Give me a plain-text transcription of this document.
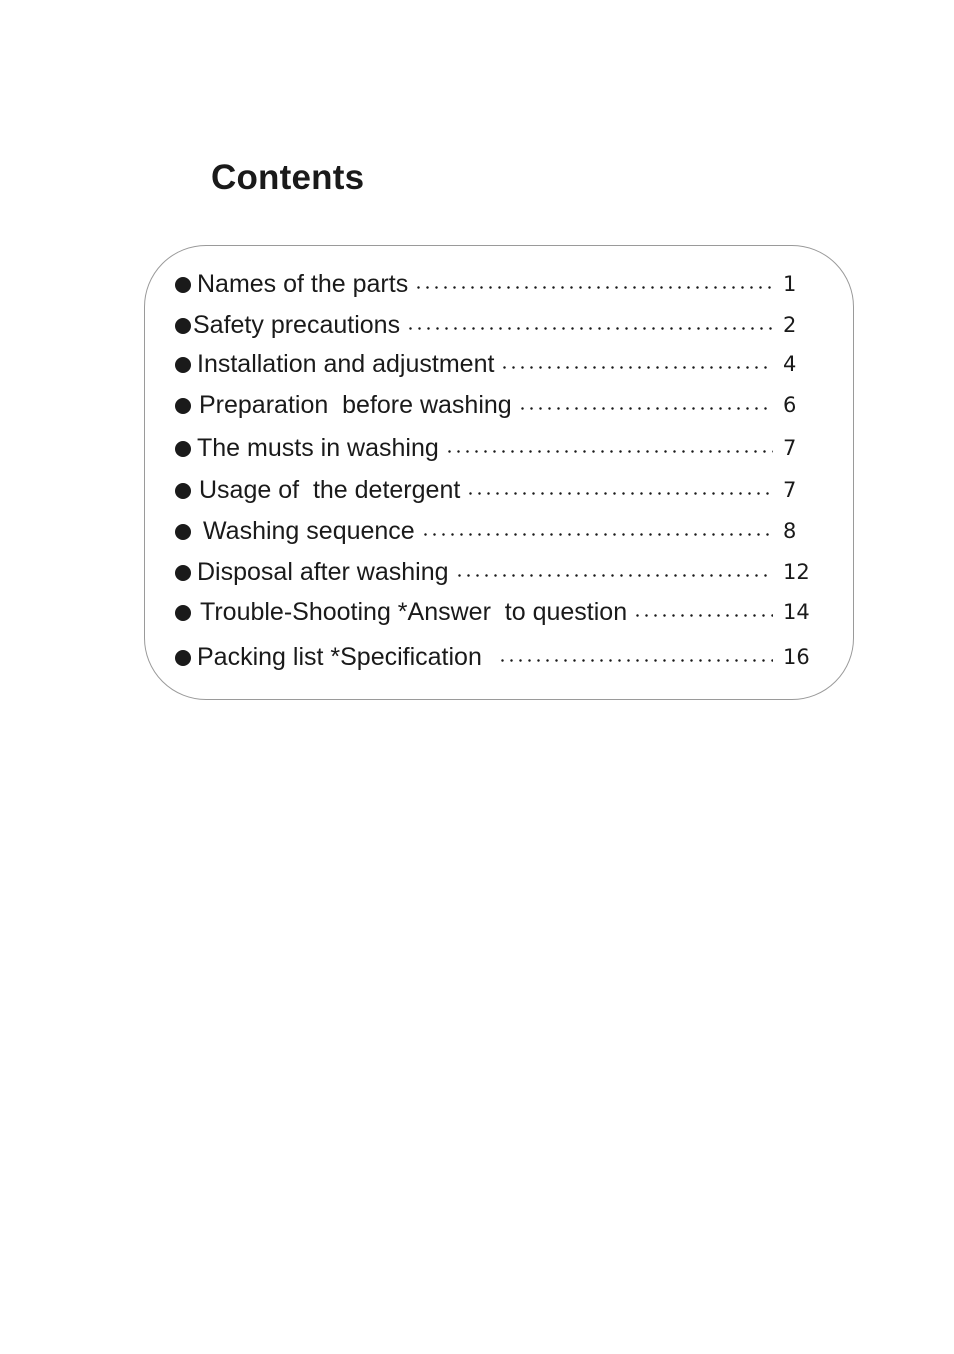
Contents
Names of the parts	1
Safety precautions	2
Installation and adjustment	4
Preparation  before washing	6
The musts in washing	7
Usage of  the detergent	7
Washing sequence	8
Disposal after washing	12
Trouble-Shooting *Answer  to question	14
Packing list *Specification	16
